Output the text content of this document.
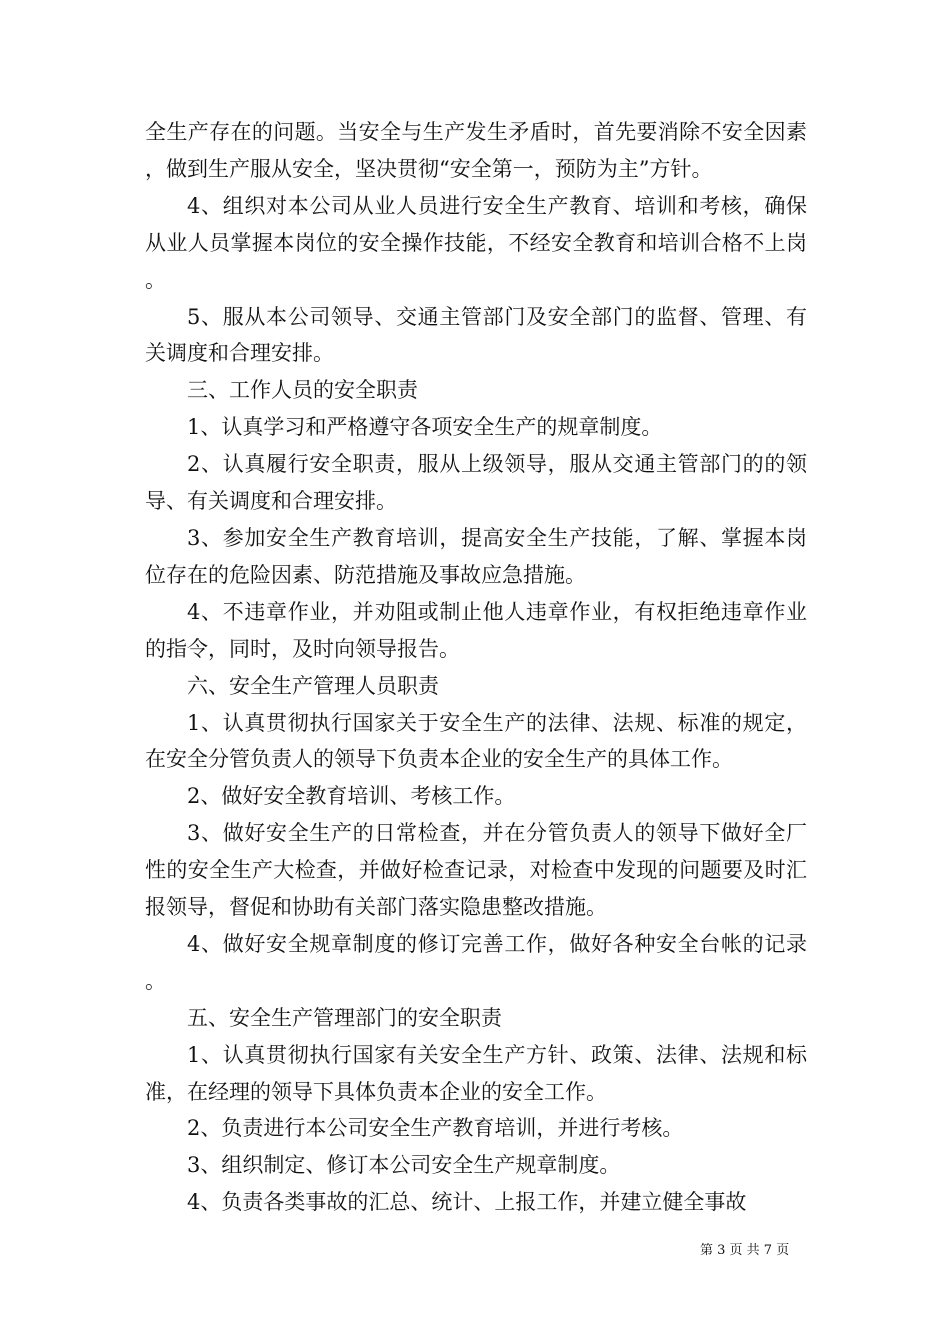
全生产存在的问题。当安全与生产发生矛盾时，首先要消除不安全因素，做到生产服从安全，坚决贯彻“安全第一，预防为主”方针。

4、组织对本公司从业人员进行安全生产教育、培训和考核，确保从业人员掌握本岗位的安全操作技能，不经安全教育和培训合格不上岗。

5、服从本公司领导、交通主管部门及安全部门的监督、管理、有关调度和合理安排。

三、工作人员的安全职责

1、认真学习和严格遵守各项安全生产的规章制度。

2、认真履行安全职责，服从上级领导，服从交通主管部门的的领导、有关调度和合理安排。

3、参加安全生产教育培训，提高安全生产技能，了解、掌握本岗位存在的危险因素、防范措施及事故应急措施。

4、不违章作业，并劝阻或制止他人违章作业，有权拒绝违章作业的指令，同时，及时向领导报告。

六、安全生产管理人员职责

1、认真贯彻执行国家关于安全生产的法律、法规、标准的规定，在安全分管负责人的领导下负责本企业的安全生产的具体工作。

2、做好安全教育培训、考核工作。

3、做好安全生产的日常检查，并在分管负责人的领导下做好全厂性的安全生产大检查，并做好检查记录，对检查中发现的问题要及时汇报领导，督促和协助有关部门落实隐患整改措施。

4、做好安全规章制度的修订完善工作，做好各种安全台帐的记录。

五、安全生产管理部门的安全职责

1、认真贯彻执行国家有关安全生产方针、政策、法律、法规和标准，在经理的领导下具体负责本企业的安全工作。

2、负责进行本公司安全生产教育培训，并进行考核。

3、组织制定、修订本公司安全生产规章制度。

4、负责各类事故的汇总、统计、上报工作，并建立健全事故

第 3 页 共 7 页
